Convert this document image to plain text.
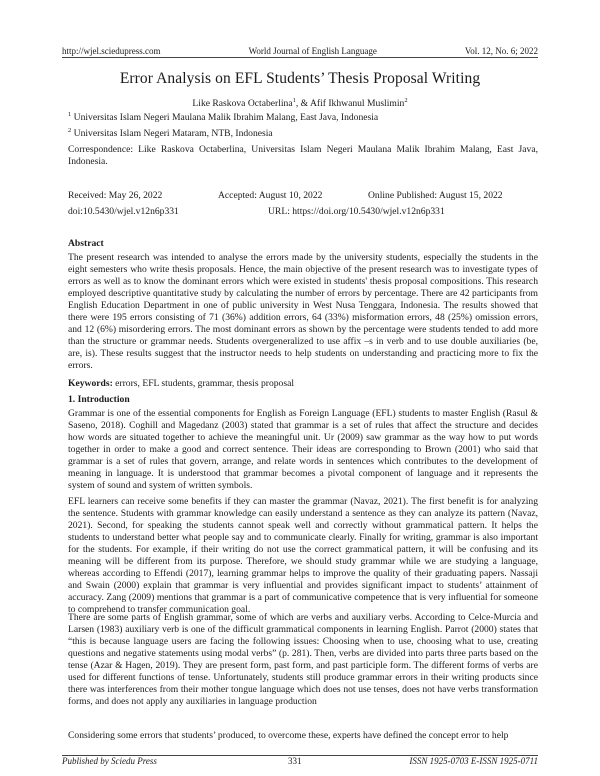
http://wjel.sciedupress.com	World Journal of English Language	Vol. 12, No. 6; 2022
Error Analysis on EFL Students’ Thesis Proposal Writing
Like Raskova Octaberlina$^1$, & Afif Ikhwanul Muslimin$^2$
$^1$ Universitas Islam Negeri Maulana Malik Ibrahim Malang, East Java, Indonesia
$^2$ Universitas Islam Negeri Mataram, NTB, Indonesia
Correspondence: Like Raskova Octaberlina, Universitas Islam Negeri Maulana Malik Ibrahim Malang, East Java, Indonesia.
Received: May 26, 2022	Accepted: August 10, 2022	Online Published: August 15, 2022
doi:10.5430/wjel.v12n6p331	URL: https://doi.org/10.5430/wjel.v12n6p331
Abstract

The present research was intended to analyse the errors made by the university students, especially the students in the eight semesters who write thesis proposals. Hence, the main objective of the present research was to investigate types of errors as well as to know the dominant errors which were existed in students' thesis proposal compositions. This research employed descriptive quantitative study by calculating the number of errors by percentage. There are 42 participants from English Education Department in one of public university in West Nusa Tenggara, Indonesia. The results showed that there were 195 errors consisting of 71 (36%) addition errors, 64 (33%) misformation errors, 48 (25%) omission errors, and 12 (6%) misordering errors. The most dominant errors as shown by the percentage were students tended to add more than the structure or grammar needs. Students overgeneralized to use affix –s in verb and to use double auxiliaries (be, are, is). These results suggest that the instructor needs to help students on understanding and practicing more to fix the errors.

Keywords: errors, EFL students, grammar, thesis proposal
1. Introduction

Grammar is one of the essential components for English as Foreign Language (EFL) students to master English (Rasul & Saseno, 2018). Coghill and Magedanz (2003) stated that grammar is a set of rules that affect the structure and decides how words are situated together to achieve the meaningful unit. Ur (2009) saw grammar as the way how to put words together in order to make a good and correct sentence. Their ideas are corresponding to Brown (2001) who said that grammar is a set of rules that govern, arrange, and relate words in sentences which contributes to the development of meaning in language. It is understood that grammar becomes a pivotal component of language and it represents the system of sound and system of written symbols.

EFL learners can receive some benefits if they can master the grammar (Navaz, 2021). The first benefit is for analyzing the sentence. Students with grammar knowledge can easily understand a sentence as they can analyze its pattern (Navaz, 2021). Second, for speaking the students cannot speak well and correctly without grammatical pattern. It helps the students to understand better what people say and to communicate clearly. Finally for writing, grammar is also important for the students. For example, if their writing do not use the correct grammatical pattern, it will be confusing and its meaning will be different from its purpose. Therefore, we should study grammar while we are studying a language, whereas according to Effendi (2017), learning grammar helps to improve the quality of their graduating papers. Nassaji and Swain (2000) explain that grammar is very influential and provides significant impact to students’ attainment of accuracy. Zang (2009) mentions that grammar is a part of communicative competence that is very influential for someone to comprehend to transfer communication goal.

There are some parts of English grammar, some of which are verbs and auxiliary verbs. According to Celce-Murcia and Larsen (1983) auxiliary verb is one of the difficult grammatical components in learning English. Parrot (2000) states that “this is because language users are facing the following issues: Choosing when to use, choosing what to use, creating questions and negative statements using modal verbs” (p. 281). Then, verbs are divided into parts three parts based on the tense (Azar & Hagen, 2019). They are present form, past form, and past participle form. The different forms of verbs are used for different functions of tense. Unfortunately, students still produce grammar errors in their writing products since there was interferences from their mother tongue language which does not use tenses, does not have verbs transformation forms, and does not apply any auxiliaries in language production

Considering some errors that students’ produced, to overcome these, experts have defined the concept error to help

Published by Sciedu Press	331	ISSN 1925-0703 E-ISSN 1925-0711
